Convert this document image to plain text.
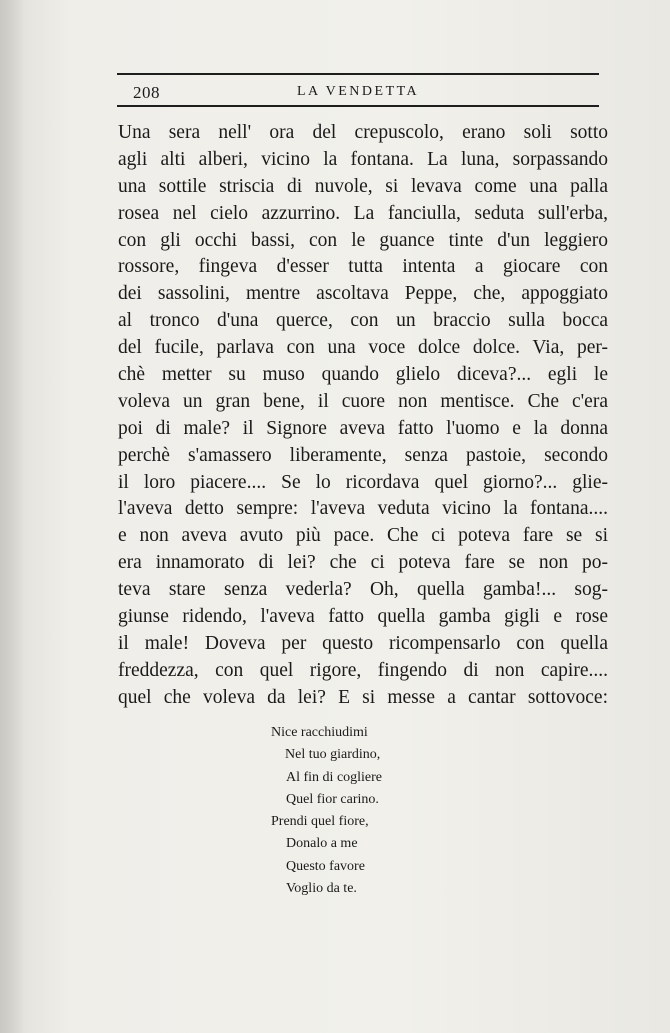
208	LA VENDETTA
Una sera nell' ora del crepuscolo, erano soli sotto
agli alti alberi, vicino la fontana. La luna, sorpassando
una sottile striscia di nuvole, si levava come una palla
rosea nel cielo azzurrino. La fanciulla, seduta sull'erba,
con gli occhi bassi, con le guance tinte d'un leggiero
rossore, fingeva d'esser tutta intenta a giocare con
dei sassolini, mentre ascoltava Peppe, che, appoggiato
al tronco d'una querce, con un braccio sulla bocca
del fucile, parlava con una voce dolce dolce. Via, per-
chè metter su muso quando glielo diceva?... egli le
voleva un gran bene, il cuore non mentisce. Che c'era
poi di male? il Signore aveva fatto l'uomo e la donna
perchè s'amassero liberamente, senza pastoie, secondo
il loro piacere.... Se lo ricordava quel giorno?... glie-
l'aveva detto sempre: l'aveva veduta vicino la fontana....
e non aveva avuto più pace. Che ci poteva fare se si
era innamorato di lei? che ci poteva fare se non po-
teva stare senza vederla? Oh, quella gamba!... sog-
giunse ridendo, l'aveva fatto quella gamba gigli e rose
il male! Doveva per questo ricompensarlo con quella
freddezza, con quel rigore, fingendo di non capire....
quel che voleva da lei? E si messe a cantar sottovoce:
Nice racchiudimi
Nel tuo giardino,
Al fin di cogliere
Quel fior carino.
Prendi quel fiore,
Donalo a me
Questo favore
Voglio da te.
